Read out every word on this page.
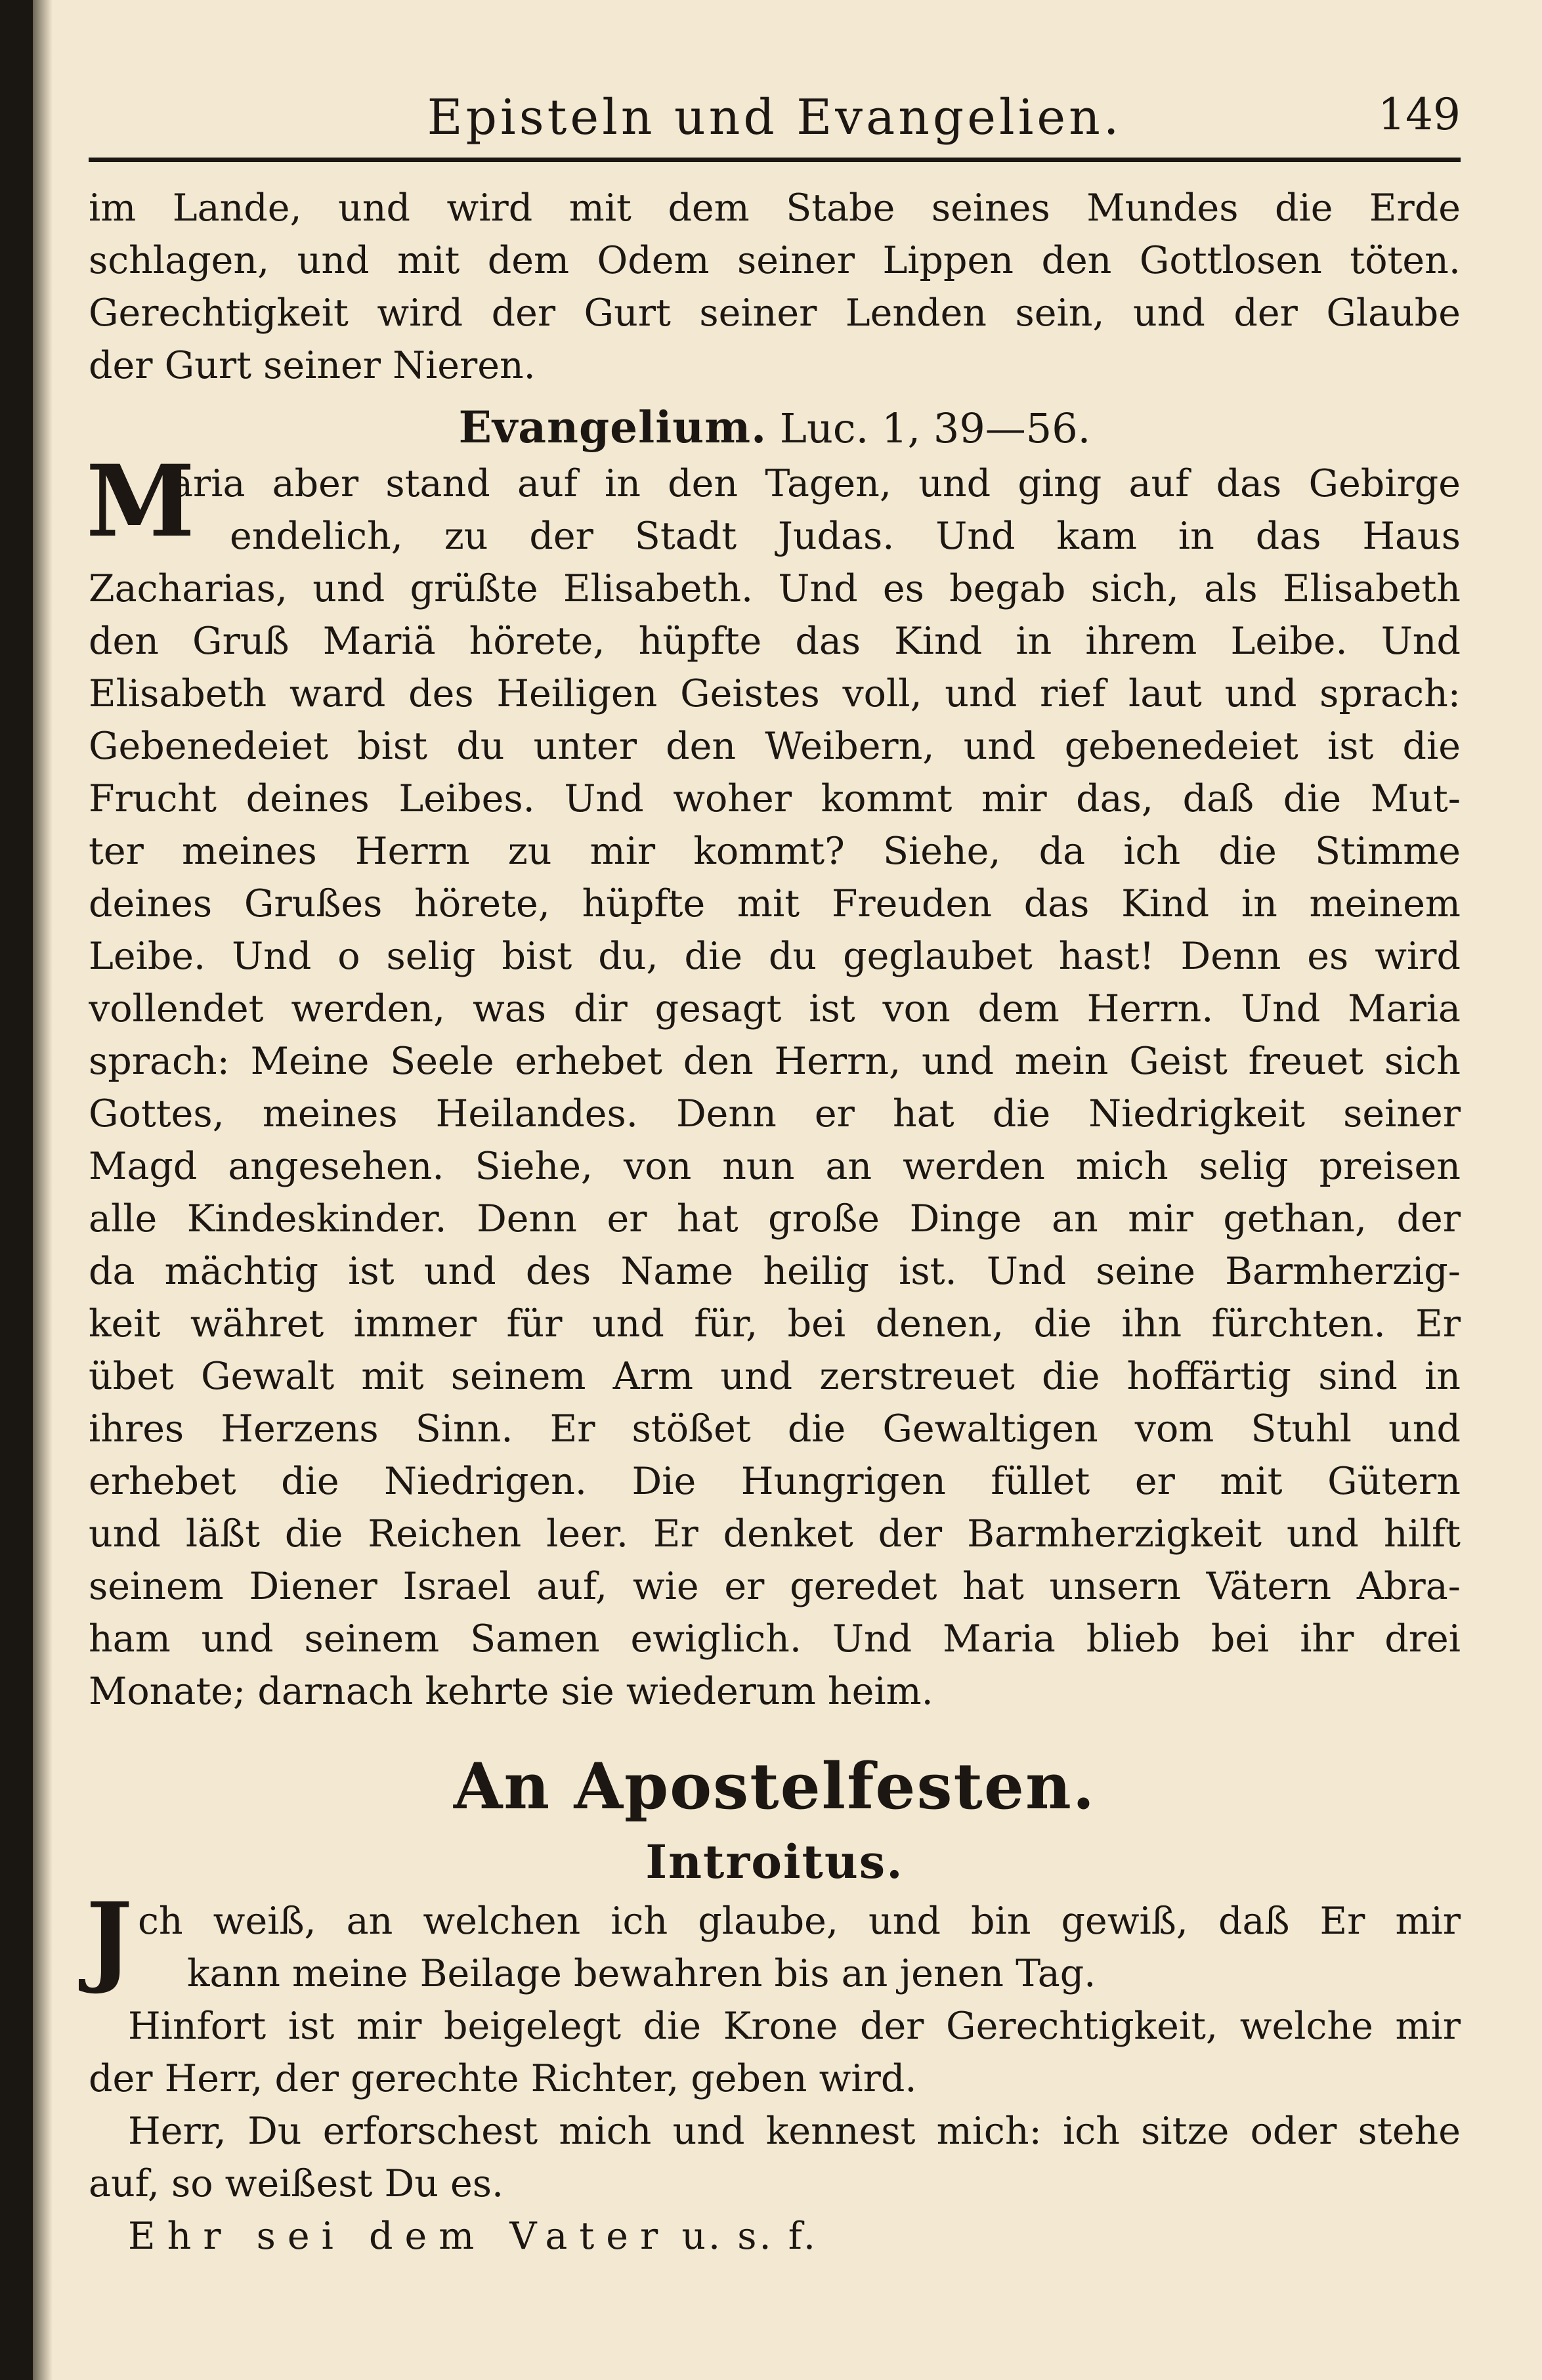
Episteln und Evangelien.	149
im Lande, und wird mit dem Stabe seines Mundes die Erde
schlagen, und mit dem Odem seiner Lippen den Gottlosen töten.
Gerechtigkeit wird der Gurt seiner Lenden sein, und der Glaube
der Gurt seiner Nieren.
Evangelium. Luc. 1, 39—56.
M
aria aber stand auf in den Tagen, und ging auf das Gebirge
endelich, zu der Stadt Judas. Und kam in das Haus
Zacharias, und grüßte Elisabeth. Und es begab sich, als Elisabeth
den Gruß Mariä hörete, hüpfte das Kind in ihrem Leibe. Und
Elisabeth ward des Heiligen Geistes voll, und rief laut und sprach:
Gebenedeiet bist du unter den Weibern, und gebenedeiet ist die
Frucht deines Leibes. Und woher kommt mir das, daß die Mut-
ter meines Herrn zu mir kommt? Siehe, da ich die Stimme
deines Grußes hörete, hüpfte mit Freuden das Kind in meinem
Leibe. Und o selig bist du, die du geglaubet hast! Denn es wird
vollendet werden, was dir gesagt ist von dem Herrn. Und Maria
sprach: Meine Seele erhebet den Herrn, und mein Geist freuet sich
Gottes, meines Heilandes. Denn er hat die Niedrigkeit seiner
Magd angesehen. Siehe, von nun an werden mich selig preisen
alle Kindeskinder. Denn er hat große Dinge an mir gethan, der
da mächtig ist und des Name heilig ist. Und seine Barmherzig-
keit währet immer für und für, bei denen, die ihn fürchten. Er
übet Gewalt mit seinem Arm und zerstreuet die hoffärtig sind in
ihres Herzens Sinn. Er stößet die Gewaltigen vom Stuhl und
erhebet die Niedrigen. Die Hungrigen füllet er mit Gütern
und läßt die Reichen leer. Er denket der Barmherzigkeit und hilft
seinem Diener Israel auf, wie er geredet hat unsern Vätern Abra-
ham und seinem Samen ewiglich. Und Maria blieb bei ihr drei
Monate; darnach kehrte sie wiederum heim.
An Apostelfesten.
Introitus.
J ch weiß, an welchen ich glaube, und bin gewiß, daß Er mir
kann meine Beilage bewahren bis an jenen Tag.
Hinfort ist mir beigelegt die Krone der Gerechtigkeit, welche mir
der Herr, der gerechte Richter, geben wird.
Herr, Du erforschest mich und kennest mich: ich sitze oder stehe
auf, so weißest Du es.
Ehr sei dem Vater u. s. f.
